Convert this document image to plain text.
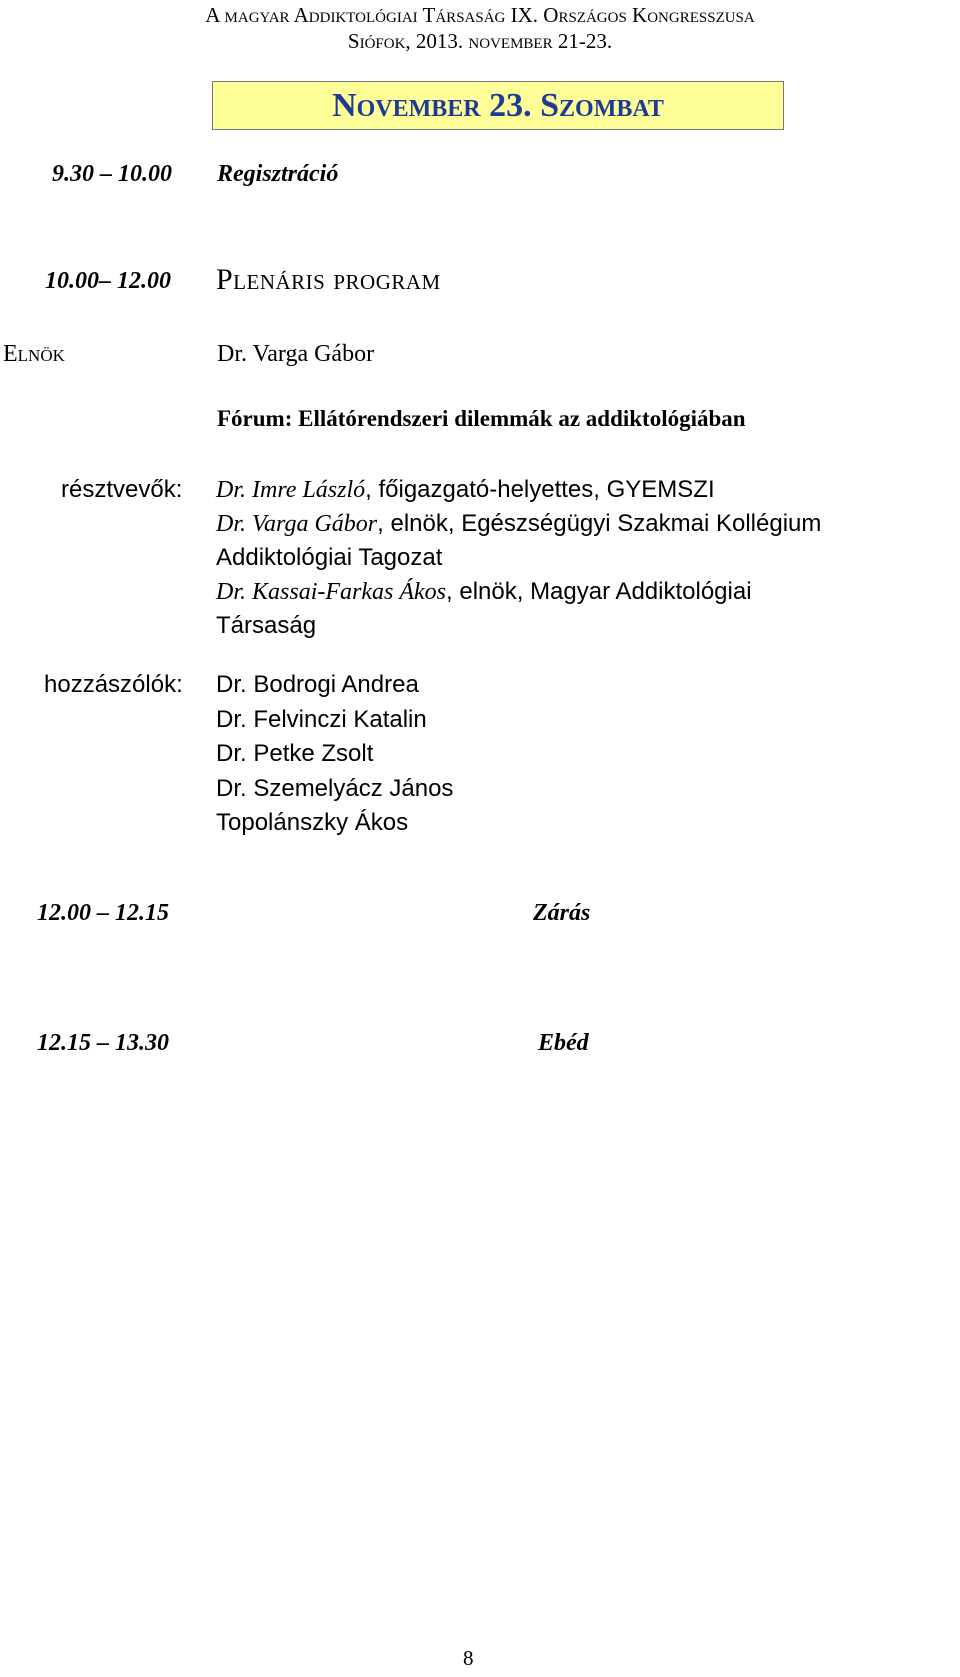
A magyar Addiktológiai Társaság IX. Országos Kongresszusa
Siófok, 2013. november 21-23.
November 23. Szombat
9.30 – 10.00 Regisztráció
10.00– 12.00 Plenáris program
Elnök	Dr. Varga Gábor
Fórum: Ellátórendszeri dilemmák az addiktológiában
résztvevők: Dr. Imre László, főigazgató-helyettes, GYEMSZI
Dr. Varga Gábor, elnök, Egészségügyi Szakmai Kollégium
Addiktológiai Tagozat
Dr. Kassai-Farkas Ákos, elnök, Magyar Addiktológiai
Társaság
hozzászólók: Dr. Bodrogi Andrea
Dr. Felvinczi Katalin
Dr. Petke Zsolt
Dr. Szemelyácz János
Topolánszky Ákos
12.00 – 12.15	Zárás
12.15 – 13.30	Ebéd
8
